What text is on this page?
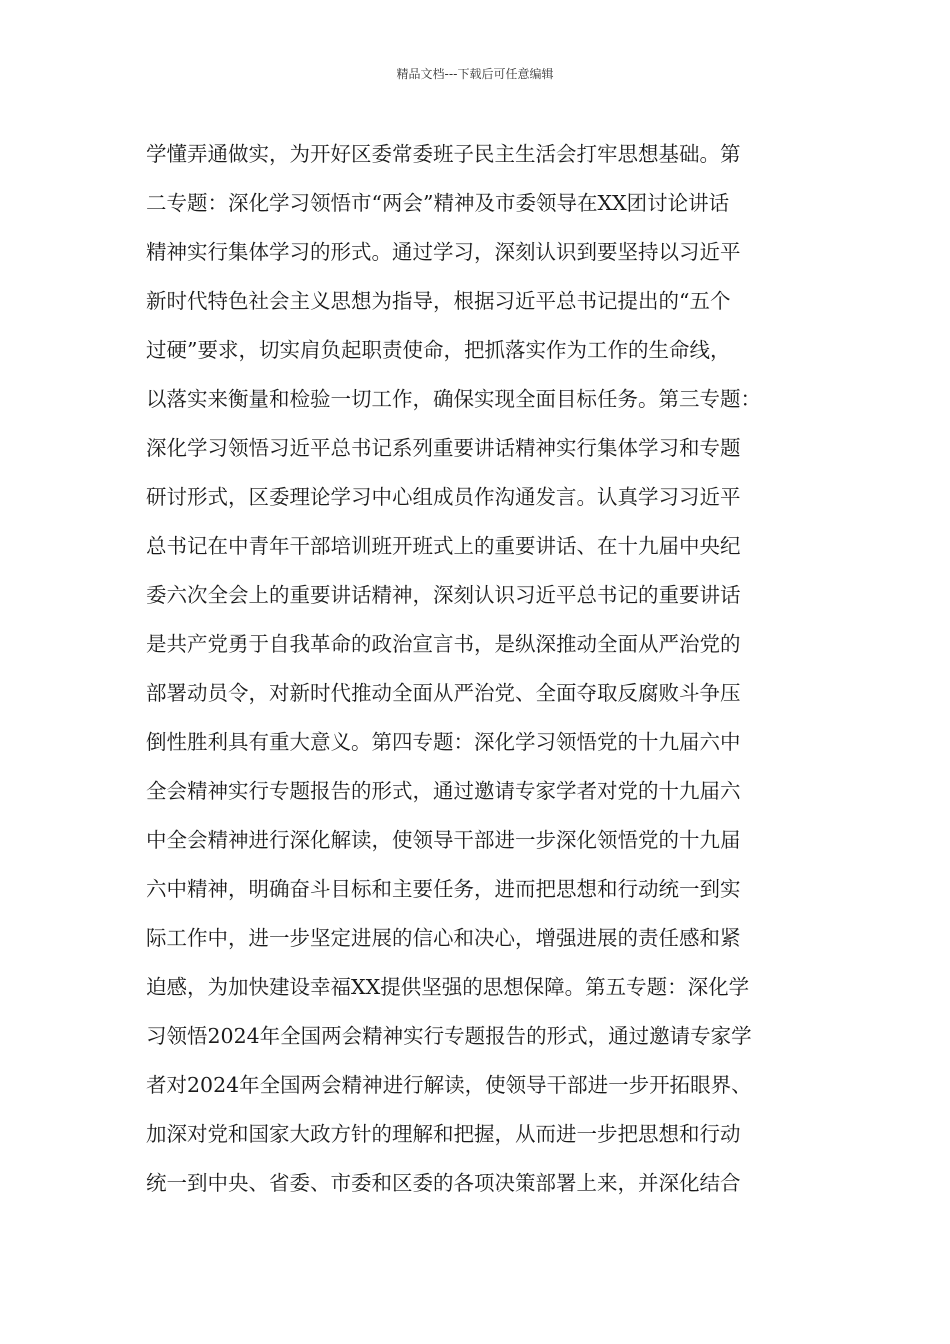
精品文档---下载后可任意编辑
学懂弄通做实，为开好区委常委班子民主生活会打牢思想基础。第
二专题：深化学习领悟市“两会”精神及市委领导在XX团讨论讲话
精神实行集体学习的形式。通过学习，深刻认识到要坚持以习近平
新时代特色社会主义思想为指导，根据习近平总书记提出的“五个
过硬”要求，切实肩负起职责使命，把抓落实作为工作的生命线，
以落实来衡量和检验一切工作，确保实现全面目标任务。第三专题：
深化学习领悟习近平总书记系列重要讲话精神实行集体学习和专题
研讨形式，区委理论学习中心组成员作沟通发言。认真学习习近平
总书记在中青年干部培训班开班式上的重要讲话、在十九届中央纪
委六次全会上的重要讲话精神，深刻认识习近平总书记的重要讲话
是共产党勇于自我革命的政治宣言书，是纵深推动全面从严治党的
部署动员令，对新时代推动全面从严治党、全面夺取反腐败斗争压
倒性胜利具有重大意义。第四专题：深化学习领悟党的十九届六中
全会精神实行专题报告的形式，通过邀请专家学者对党的十九届六
中全会精神进行深化解读，使领导干部进一步深化领悟党的十九届
六中精神，明确奋斗目标和主要任务，进而把思想和行动统一到实
际工作中，进一步坚定进展的信心和决心，增强进展的责任感和紧
迫感，为加快建设幸福XX提供坚强的思想保障。第五专题：深化学
习领悟2024年全国两会精神实行专题报告的形式，通过邀请专家学
者对2024年全国两会精神进行解读，使领导干部进一步开拓眼界、
加深对党和国家大政方针的理解和把握，从而进一步把思想和行动
统一到中央、省委、市委和区委的各项决策部署上来，并深化结合
